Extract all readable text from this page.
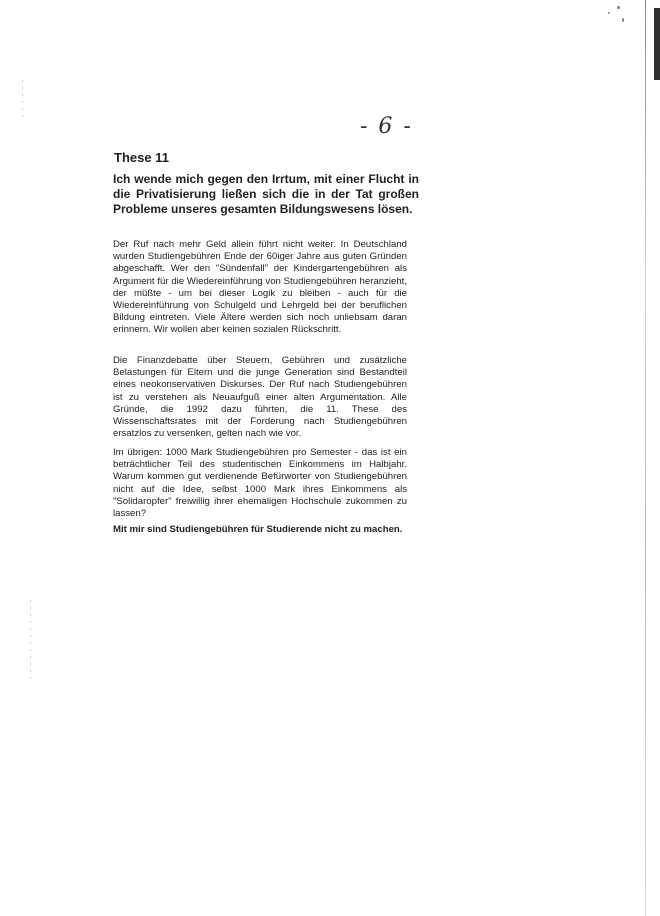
- 6 -
These 11
Ich wende mich gegen den Irrtum, mit einer Flucht in die Privatisierung ließen sich die in der Tat großen Probleme unseres gesamten Bildungswesens lösen.
Der Ruf nach mehr Geld allein führt nicht weiter. In Deutschland wurden Studiengebühren Ende der 60iger Jahre aus guten Gründen abgeschafft. Wer den "Sündenfall" der Kindergartengebühren als Argument für die Wiedereinführung von Studiengebühren heranzieht, der müßte - um bei dieser Logik zu bleiben - auch für die Wiedereinführung von Schulgeld und Lehrgeld bei der beruflichen Bildung eintreten. Viele Ältere werden sich noch unliebsam daran erinnern. Wir wollen aber keinen sozialen Rückschritt.
Die Finanzdebatte über Steuern, Gebühren und zusätzliche Belastungen für Eltern und die junge Generation sind Bestandteil eines neokonservativen Diskurses. Der Ruf nach Studiengebühren ist zu verstehen als Neuaufguß einer alten Argumentation. Alle Gründe, die 1992 dazu führten, die 11. These des Wissenschaftsrates mit der Forderung nach Studiengebühren ersatzlos zu versenken, gelten nach wie vor.
Im übrigen: 1000 Mark Studiengebühren pro Semester - das ist ein beträchtlicher Teil des studentischen Einkommens im Halbjahr. Warum kommen gut verdienende Befürworter von Studiengebühren nicht auf die Idee, selbst 1000 Mark ihres Einkommens als "Solidaropfer" freiwillig ihrer ehemaligen Hochschule zukommen zu lassen?
Mit mir sind Studiengebühren für Studierende nicht zu machen.
